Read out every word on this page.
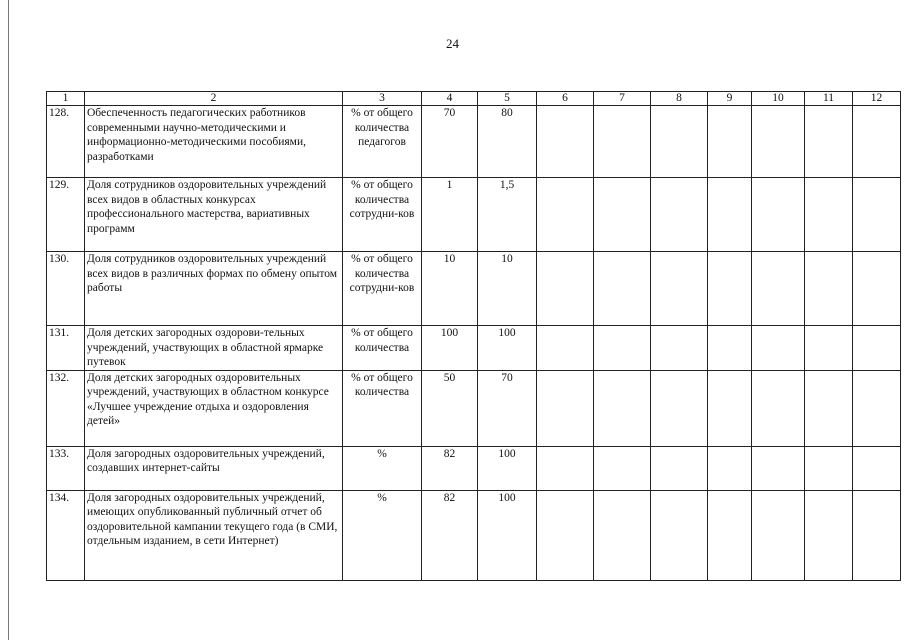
24
1	2	3	4	5	6	7	8	9	10	11	12
128.	Обеспеченность педагогических работников современными научно-методическими и информационно-методическими пособиями, разработками	% от общего количества педагогов	70	80							
129.	Доля сотрудников оздоровительных учреждений всех видов в областных конкурсах профессионального мастерства, вариативных программ	% от общего количества сотрудни-ков	1	1,5							
130.	Доля сотрудников оздоровительных учреждений всех видов в различных формах по обмену опытом работы	% от общего количества сотрудни-ков	10	10							
131.	Доля детских загородных оздорови-тельных учреждений, участвующих в областной ярмарке путевок	% от общего количества	100	100							
132.	Доля детских загородных оздоровительных учреждений, участвующих в областном конкурсе «Лучшее учреждение отдыха и оздоровления детей»	% от общего количества	50	70							
133.	Доля загородных оздоровительных учреждений, создавших интернет-сайты	%	82	100							
134.	Доля загородных оздоровительных учреждений, имеющих опубликованный публичный отчет об оздоровительной кампании текущего года (в СМИ, отдельным изданием, в сети Интернет)	%	82	100							
